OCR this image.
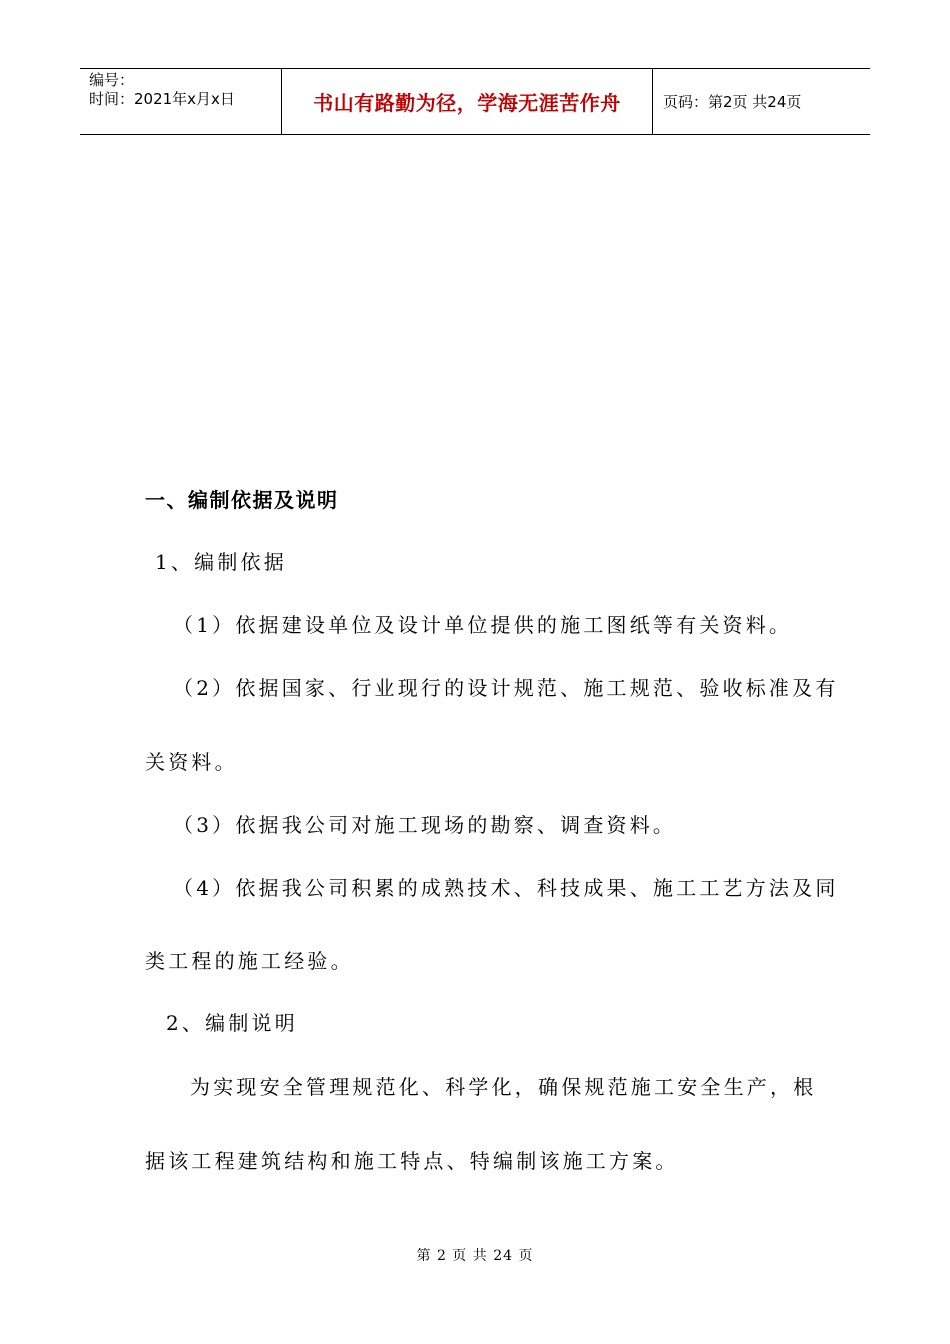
编号：
时间：2021年x月x日	书山有路勤为径，学海无涯苦作舟	页码：第2页 共24页
一、编制依据及说明
1、编制依据
（1）依据建设单位及设计单位提供的施工图纸等有关资料。
（2）依据国家、行业现行的设计规范、施工规范、验收标准及有
关资料。
（3）依据我公司对施工现场的勘察、调查资料。
（4）依据我公司积累的成熟技术、科技成果、施工工艺方法及同
类工程的施工经验。
2、编制说明
为实现安全管理规范化、科学化，确保规范施工安全生产，根
据该工程建筑结构和施工特点、特编制该施工方案。
第 2 页 共 24 页
